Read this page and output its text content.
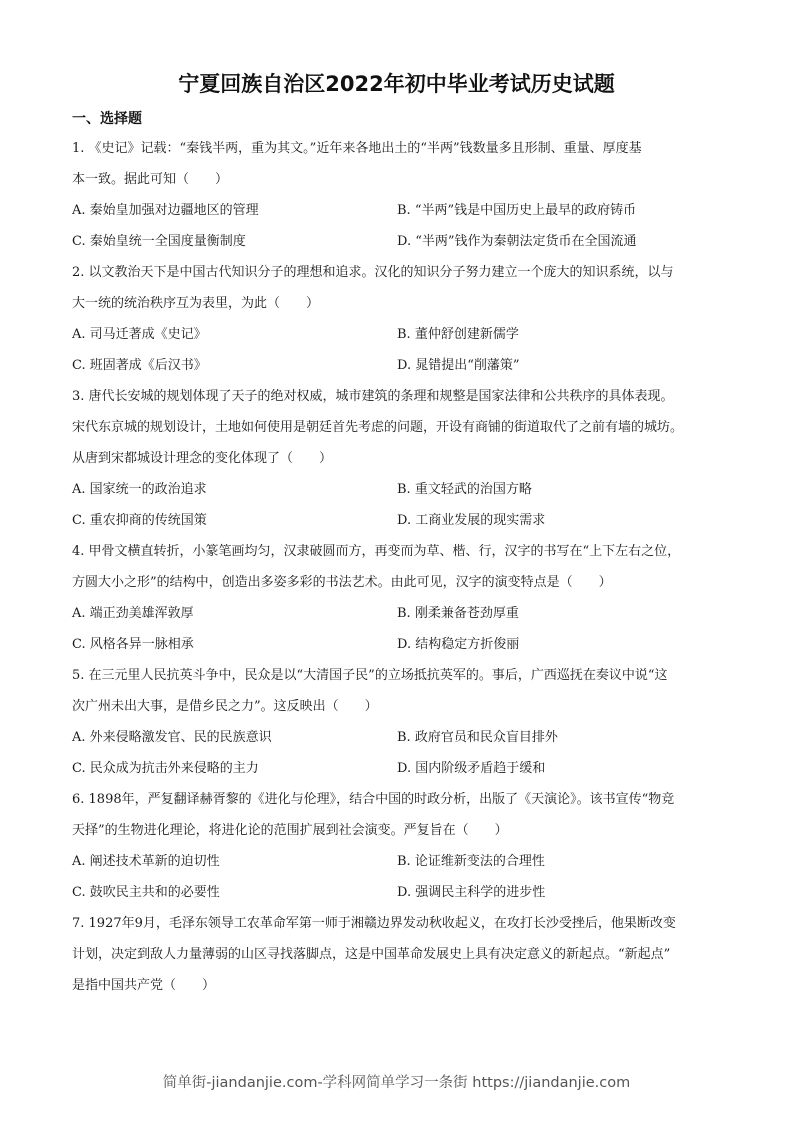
宁夏回族自治区2022年初中毕业考试历史试题
一、选择题
1. 《史记》记载：“秦钱半两，重为其文。”近年来各地出土的“半两”钱数量多且形制、重量、厚度基
本一致。据此可知（　　）
A. 秦始皇加强对边疆地区的管理	B. “半两”钱是中国历史上最早的政府铸币
C. 秦始皇统一全国度量衡制度	D. “半两”钱作为秦朝法定货币在全国流通
2. 以文教治天下是中国古代知识分子的理想和追求。汉化的知识分子努力建立一个庞大的知识系统，以与
大一统的统治秩序互为表里，为此（　　）
A. 司马迁著成《史记》	B. 董仲舒创建新儒学
C. 班固著成《后汉书》	D. 晁错提出“削藩策”
3. 唐代长安城的规划体现了天子的绝对权威，城市建筑的条理和规整是国家法律和公共秩序的具体表现。
宋代东京城的规划设计，土地如何使用是朝廷首先考虑的问题，开设有商铺的街道取代了之前有墙的城坊。
从唐到宋都城设计理念的变化体现了（　　）
A. 国家统一的政治追求	B. 重文轻武的治国方略
C. 重农抑商的传统国策	D. 工商业发展的现实需求
4. 甲骨文横直转折，小篆笔画均匀，汉隶破圆而方，再变而为草、楷、行，汉字的书写在“上下左右之位，
方圆大小之形”的结构中，创造出多姿多彩的书法艺术。由此可见，汉字的演变特点是（　　）
A. 端正劲美雄浑敦厚	B. 刚柔兼备苍劲厚重
C. 风格各异一脉相承	D. 结构稳定方折俊丽
5. 在三元里人民抗英斗争中，民众是以“大清国子民”的立场抵抗英军的。事后，广西巡抚在奏议中说“这
次广州未出大事，是借乡民之力”。这反映出（　　）
A. 外来侵略激发官、民的民族意识	B. 政府官员和民众盲目排外
C. 民众成为抗击外来侵略的主力	D. 国内阶级矛盾趋于缓和
6. 1898年，严复翻译赫胥黎的《进化与伦理》，结合中国的时政分析，出版了《天演论》。该书宣传“物竞
天择”的生物进化理论，将进化论的范围扩展到社会演变。严复旨在（　　）
A. 阐述技术革新的迫切性	B. 论证维新变法的合理性
C. 鼓吹民主共和的必要性	D. 强调民主科学的进步性
7. 1927年9月，毛泽东领导工农革命军第一师于湘赣边界发动秋收起义，在攻打长沙受挫后，他果断改变
计划，决定到敌人力量薄弱的山区寻找落脚点，这是中国革命发展史上具有决定意义的新起点。“新起点”
是指中国共产党（　　）
简单街-jiandanjie.com-学科网简单学习一条街 https://jiandanjie.com
